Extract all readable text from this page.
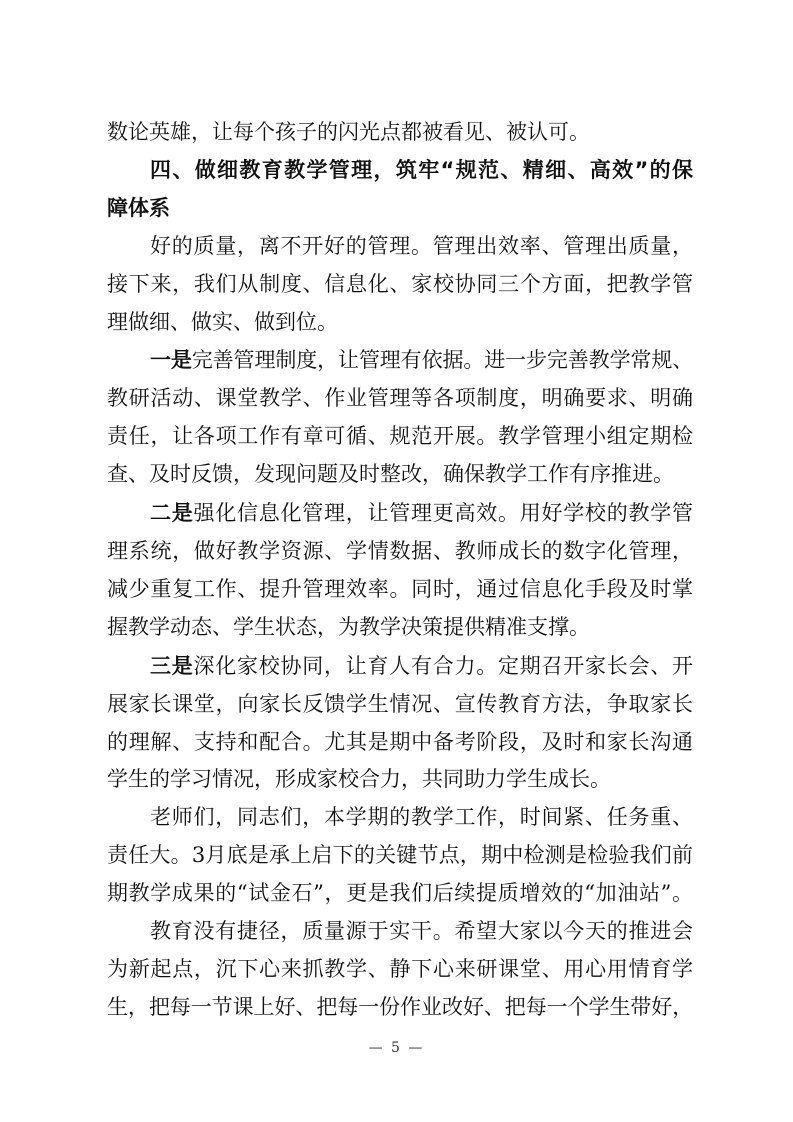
数论英雄，让每个孩子的闪光点都被看见、被认可。
四、做细教育教学管理，筑牢“规范、精细、高效”的保
障体系
好的质量，离不开好的管理。管理出效率、管理出质量，
接下来，我们从制度、信息化、家校协同三个方面，把教学管
理做细、做实、做到位。
一是完善管理制度，让管理有依据。进一步完善教学常规、
教研活动、课堂教学、作业管理等各项制度，明确要求、明确
责任，让各项工作有章可循、规范开展。教学管理小组定期检
查、及时反馈，发现问题及时整改，确保教学工作有序推进。
二是强化信息化管理，让管理更高效。用好学校的教学管
理系统，做好教学资源、学情数据、教师成长的数字化管理，
减少重复工作、提升管理效率。同时，通过信息化手段及时掌
握教学动态、学生状态，为教学决策提供精准支撑。
三是深化家校协同，让育人有合力。定期召开家长会、开
展家长课堂，向家长反馈学生情况、宣传教育方法，争取家长
的理解、支持和配合。尤其是期中备考阶段，及时和家长沟通
学生的学习情况，形成家校合力，共同助力学生成长。
老师们，同志们，本学期的教学工作，时间紧、任务重、
责任大。3月底是承上启下的关键节点，期中检测是检验我们前
期教学成果的“试金石”，更是我们后续提质增效的“加油站”。
教育没有捷径，质量源于实干。希望大家以今天的推进会
为新起点，沉下心来抓教学、静下心来研课堂、用心用情育学
生，把每一节课上好、把每一份作业改好、把每一个学生带好，
— 5 —
